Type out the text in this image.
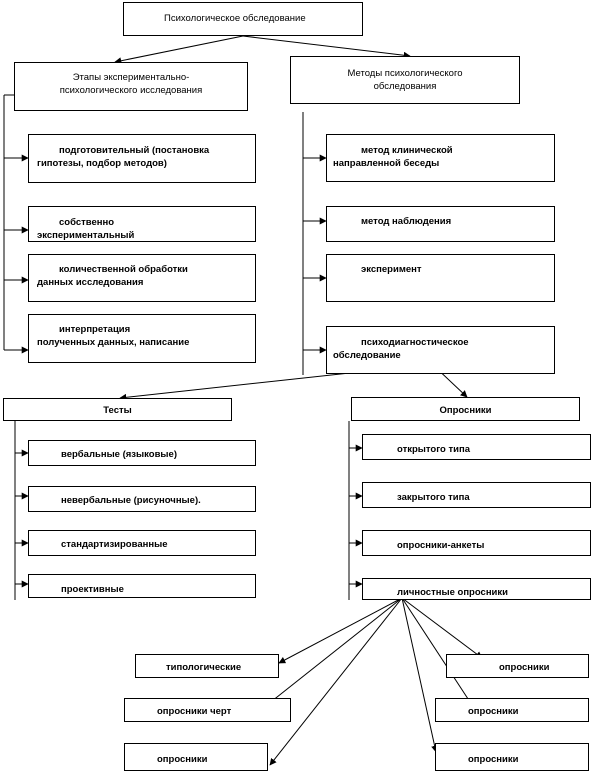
Психологическое обследование
Этапы экспериментально-
психологического исследования
Методы психологического
обследования
подготовительный (постановка
гипотезы, подбор методов)
собственно
экспериментальный
количественной обработки
данных исследования
интерпретация
полученных данных, написание
метод клинической
направленной беседы
метод наблюдения
эксперимент
психодиагностическое
обследование
Тесты	Опросники
вербальные (языковые)
невербальные (рисуночные).
стандартизированные
проективные
открытого типа
закрытого типа
опросники-анкеты
личностные опросники
типологические
опросники черт
опросники
опросники
опросники
опросники
